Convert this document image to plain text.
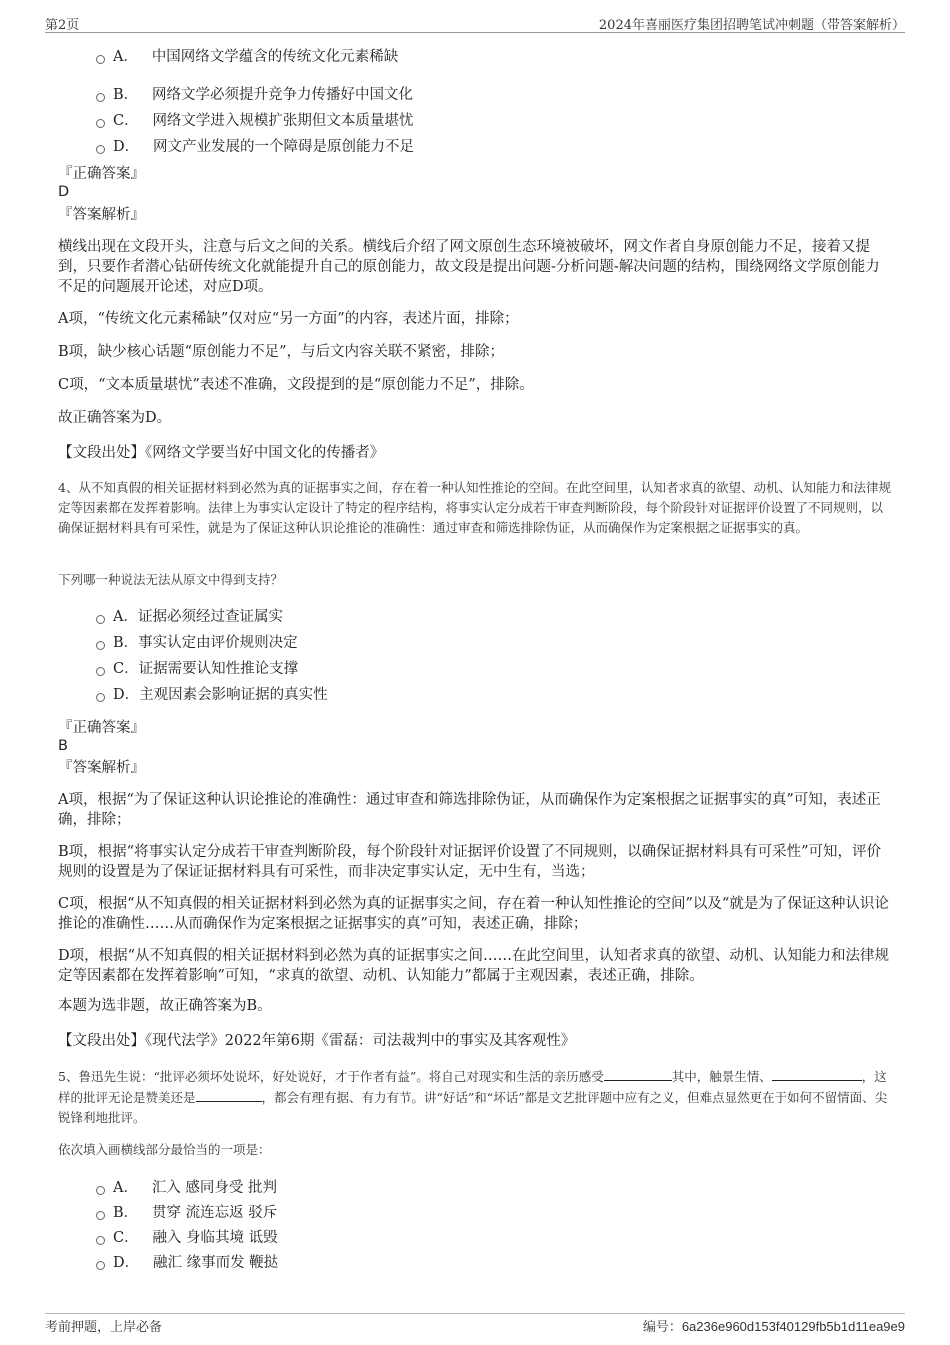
第2页	2024年喜丽医疗集团招聘笔试冲刺题（带答案解析）
A． 中国网络文学蕴含的传统文化元素稀缺
B． 网络文学必须提升竞争力传播好中国文化
C． 网络文学进入规模扩张期但文本质量堪忧
D． 网文产业发展的一个障碍是原创能力不足
『正确答案』
D
『答案解析』
横线出现在文段开头，注意与后文之间的关系。横线后介绍了网文原创生态环境被破坏，网文作者自身原创能力不足，接着又提到，只要作者潜心钻研传统文化就能提升自己的原创能力，故文段是提出问题-分析问题-解决问题的结构，围绕网络文学原创能力不足的问题展开论述，对应D项。
A项，“传统文化元素稀缺”仅对应“另一方面”的内容，表述片面，排除；
B项，缺少核心话题“原创能力不足”，与后文内容关联不紧密，排除；
C项，“文本质量堪忧”表述不准确，文段提到的是“原创能力不足”，排除。
故正确答案为D。
【文段出处】《网络文学要当好中国文化的传播者》
4、从不知真假的相关证据材料到必然为真的证据事实之间，存在着一种认知性推论的空间。在此空间里，认知者求真的欲望、动机、认知能力和法律规定等因素都在发挥着影响。法律上为事实认定设计了特定的程序结构，将事实认定分成若干审查判断阶段，每个阶段针对证据评价设置了不同规则，以确保证据材料具有可采性，就是为了保证这种认识论推论的准确性：通过审查和筛选排除伪证，从而确保作为定案根据之证据事实的真。
下列哪一种说法无法从原文中得到支持？
A．证据必须经过查证属实
B．事实认定由评价规则决定
C．证据需要认知性推论支撑
D．主观因素会影响证据的真实性
『正确答案』
B
『答案解析』
A项，根据“为了保证这种认识论推论的准确性：通过审查和筛选排除伪证，从而确保作为定案根据之证据事实的真”可知，表述正确，排除；
B项，根据“将事实认定分成若干审查判断阶段，每个阶段针对证据评价设置了不同规则，以确保证据材料具有可采性”可知，评价规则的设置是为了保证证据材料具有可采性，而非决定事实认定，无中生有，当选；
C项，根据“从不知真假的相关证据材料到必然为真的证据事实之间，存在着一种认知性推论的空间”以及“就是为了保证这种认识论推论的准确性……从而确保作为定案根据之证据事实的真”可知，表述正确，排除；
D项，根据“从不知真假的相关证据材料到必然为真的证据事实之间……在此空间里，认知者求真的欲望、动机、认知能力和法律规定等因素都在发挥着影响”可知，“求真的欲望、动机、认知能力”都属于主观因素，表述正确，排除。
本题为选非题，故正确答案为B。
【文段出处】《现代法学》2022年第6期《雷磊：司法裁判中的事实及其客观性》
5、鲁迅先生说：“批评必须坏处说坏，好处说好，才于作者有益”。将自己对现实和生活的亲历感受	其中，触景生情、	，这样的批评无论是赞美还是	，都会有理有据、有力有节。讲“好话”和“坏话”都是文艺批评题中应有之义，但难点显然更在于如何不留情面、尖锐锋利地批评。
依次填入画横线部分最恰当的一项是：
A． 汇入 感同身受 批判
B． 贯穿 流连忘返 驳斥
C． 融入 身临其境 诋毁
D． 融汇 缘事而发 鞭挞
考前押题，上岸必备	编号：6a236e960d153f40129fb5b1d11ea9e9
